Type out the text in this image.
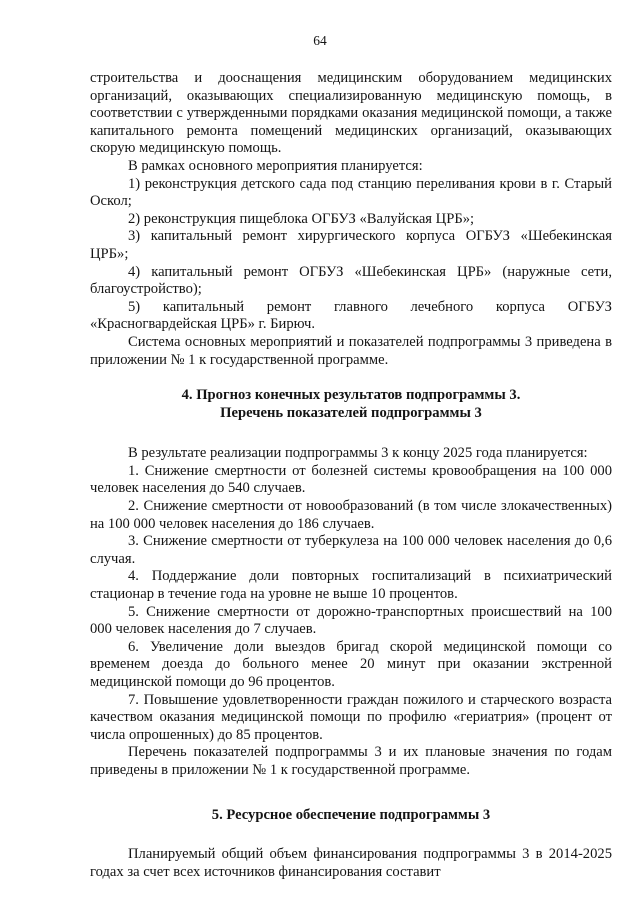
64

строительства и дооснащения медицинским оборудованием медицинских организаций, оказывающих специализированную медицинскую помощь, в соответствии с утвержденными порядками оказания медицинской помощи, а также капитального ремонта помещений медицинских организаций, оказывающих скорую медицинскую помощь.

В рамках основного мероприятия планируется:

1) реконструкция детского сада под станцию переливания крови в г. Старый Оскол;

2) реконструкция пищеблока ОГБУЗ «Валуйская ЦРБ»;

3) капитальный ремонт хирургического корпуса ОГБУЗ «Шебекинская ЦРБ»;

4) капитальный ремонт ОГБУЗ «Шебекинская ЦРБ» (наружные сети, благоустройство);

5) капитальный ремонт главного лечебного корпуса ОГБУЗ «Красногвардейская ЦРБ» г. Бирюч.

Система основных мероприятий и показателей подпрограммы 3 приведена в приложении № 1 к государственной программе.

4. Прогноз конечных результатов подпрограммы 3.

Перечень показателей подпрограммы 3

В результате реализации подпрограммы 3 к концу 2025 года планируется:

1. Снижение смертности от болезней системы кровообращения на 100 000 человек населения до 540 случаев.

2. Снижение смертности от новообразований (в том числе злокачественных) на 100 000 человек населения до 186 случаев.

3. Снижение смертности от туберкулеза на 100 000 человек населения до 0,6 случая.

4. Поддержание доли повторных госпитализаций в психиатрический стационар в течение года на уровне не выше 10 процентов.

5. Снижение смертности от дорожно-транспортных происшествий на 100 000 человек населения до 7 случаев.

6. Увеличение доли выездов бригад скорой медицинской помощи со временем доезда до больного менее 20 минут при оказании экстренной медицинской помощи до 96 процентов.

7. Повышение удовлетворенности граждан пожилого и старческого возраста качеством оказания медицинской помощи по профилю «гериатрия» (процент от числа опрошенных) до 85 процентов.

Перечень показателей подпрограммы 3 и их плановые значения по годам приведены в приложении № 1 к государственной программе.

5. Ресурсное обеспечение подпрограммы 3

Планируемый общий объем финансирования подпрограммы 3 в 2014-2025 годах за счет всех источников финансирования составит
